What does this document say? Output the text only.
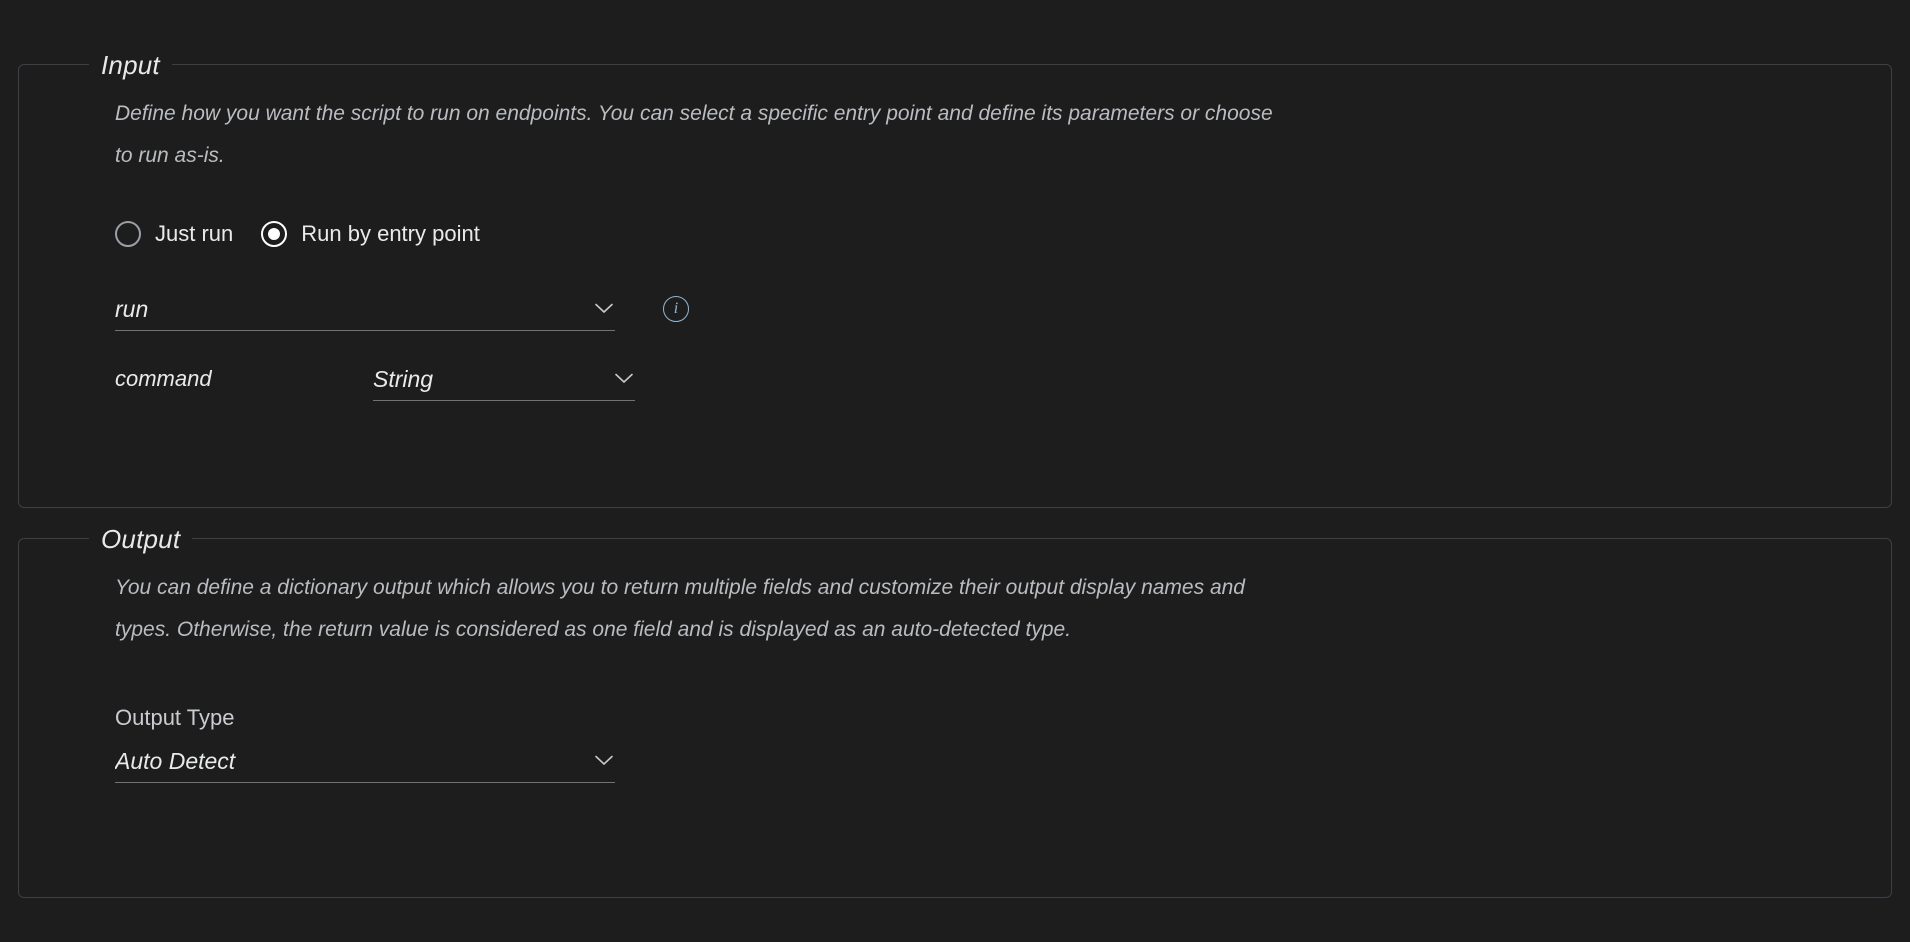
Input

Define how you want the script to run on endpoints. You can select a specific entry point and define its parameters or choose to run as-is.

Just run	Run by entry point
run	i
command	String
Output

You can define a dictionary output which allows you to return multiple fields and customize their output display names and types. Otherwise, the return value is considered as one field and is displayed as an auto-detected type.

Output Type
Auto Detect
